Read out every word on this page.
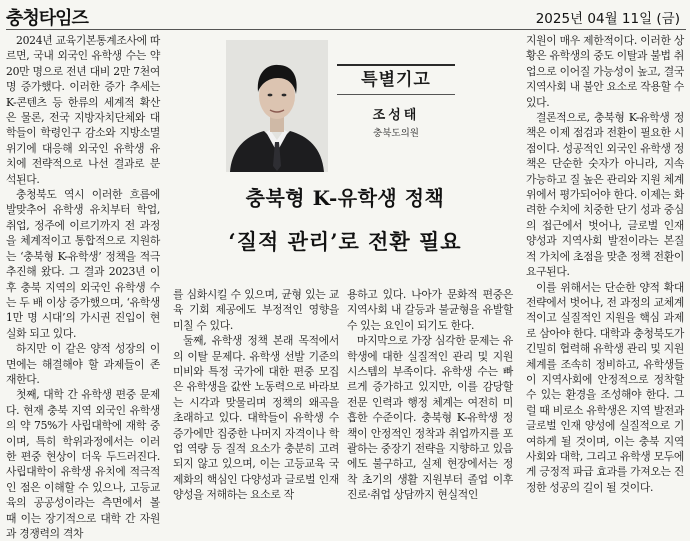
충청타임즈	2025년 04월 11일 (금)

2024년 교육기본통계조사에 따르면, 국내 외국인 유학생 수는 약 20만 명으로 전년 대비 2만 7천여 명 증가했다. 이러한 증가 추세는 K-콘텐츠 등 한류의 세계적 확산은 물론, 전국 지방자치단체와 대학들이 학령인구 감소와 지방소멸 위기에 대응해 외국인 유학생 유치에 전략적으로 나선 결과로 분석된다.

충청북도 역시 이러한 흐름에 발맞추어 유학생 유치부터 학업, 취업, 정주에 이르기까지 전 과정을 체계적이고 통합적으로 지원하는 ‘충북형 K-유학생’ 정책을 적극 추진해 왔다. 그 결과 2023년 이후 충북 지역의 외국인 유학생 수는 두 배 이상 증가했으며, ‘유학생 1만 명 시대’의 가시권 진입이 현실화 되고 있다.

하지만 이 같은 양적 성장의 이면에는 해결해야 할 과제들이 존재한다.

첫째, 대학 간 유학생 편중 문제다. 현재 충북 지역 외국인 유학생의 약 75%가 사립대학에 재학 중이며, 특히 학위과정에서는 이러한 편중 현상이 더욱 두드러진다. 사립대학이 유학생 유치에 적극적인 점은 이해할 수 있으나, 고등교육의 공공성이라는 측면에서 볼 때 이는 장기적으로 대학 간 자원과 경쟁력의 격차

특별기고
조성태
충북도의원
충북형 K-유학생 정책
‘질적 관리’로 전환 필요

를 심화시킬 수 있으며, 균형 있는 교육 기회 제공에도 부정적인 영향을 미칠 수 있다.

둘째, 유학생 정책 본래 목적에서의 이탈 문제다. 유학생 선발 기준의 미비와 특정 국가에 대한 편중 모집은 유학생을 값싼 노동력으로 바라보는 시각과 맞물리며 정책의 왜곡을 초래하고 있다. 대학들이 유학생 수 증가에만 집중한 나머지 자격이나 학업 역량 등 질적 요소가 충분히 고려되지 않고 있으며, 이는 고등교육 국제화의 핵심인 다양성과 글로벌 인재 양성을 저해하는 요소로 작

용하고 있다. 나아가 문화적 편중은 지역사회 내 갈등과 불균형을 유발할 수 있는 요인이 되기도 한다.

마지막으로 가장 심각한 문제는 유학생에 대한 실질적인 관리 및 지원 시스템의 부족이다. 유학생 수는 빠르게 증가하고 있지만, 이를 감당할 전문 인력과 행정 체계는 여전히 미흡한 수준이다. 충북형 K-유학생 정책이 안정적인 정착과 취업까지를 포괄하는 중장기 전략을 지향하고 있음에도 불구하고, 실제 현장에서는 정착 초기의 생활 지원부터 졸업 이후 진로·취업 상담까지 현실적인

지원이 매우 제한적이다. 이러한 상황은 유학생의 중도 이탈과 불법 취업으로 이어질 가능성이 높고, 결국 지역사회 내 불안 요소로 작용할 수 있다.

결론적으로, 충북형 K-유학생 정책은 이제 점검과 전환이 필요한 시점이다. 성공적인 외국인 유학생 정책은 단순한 숫자가 아니라, 지속 가능하고 질 높은 관리와 지원 체계 위에서 평가되어야 한다. 이제는 화려한 수치에 치중한 단기 성과 중심의 접근에서 벗어나, 글로벌 인재 양성과 지역사회 발전이라는 본질적 가치에 초점을 맞춘 정책 전환이 요구된다.

이를 위해서는 단순한 양적 확대 전략에서 벗어나, 전 과정의 교체계적이고 실질적인 지원을 핵심 과제로 삼아야 한다. 대학과 충청북도가 긴밀히 협력해 유학생 관리 및 지원 체계를 조속히 정비하고, 유학생들이 지역사회에 안정적으로 정착할 수 있는 환경을 조성해야 한다. 그럴 때 비로소 유학생은 지역 발전과 글로벌 인재 양성에 실질적으로 기여하게 될 것이며, 이는 충북 지역사회와 대학, 그리고 유학생 모두에게 긍정적 파급 효과를 가져오는 진정한 성공의 길이 될 것이다.
